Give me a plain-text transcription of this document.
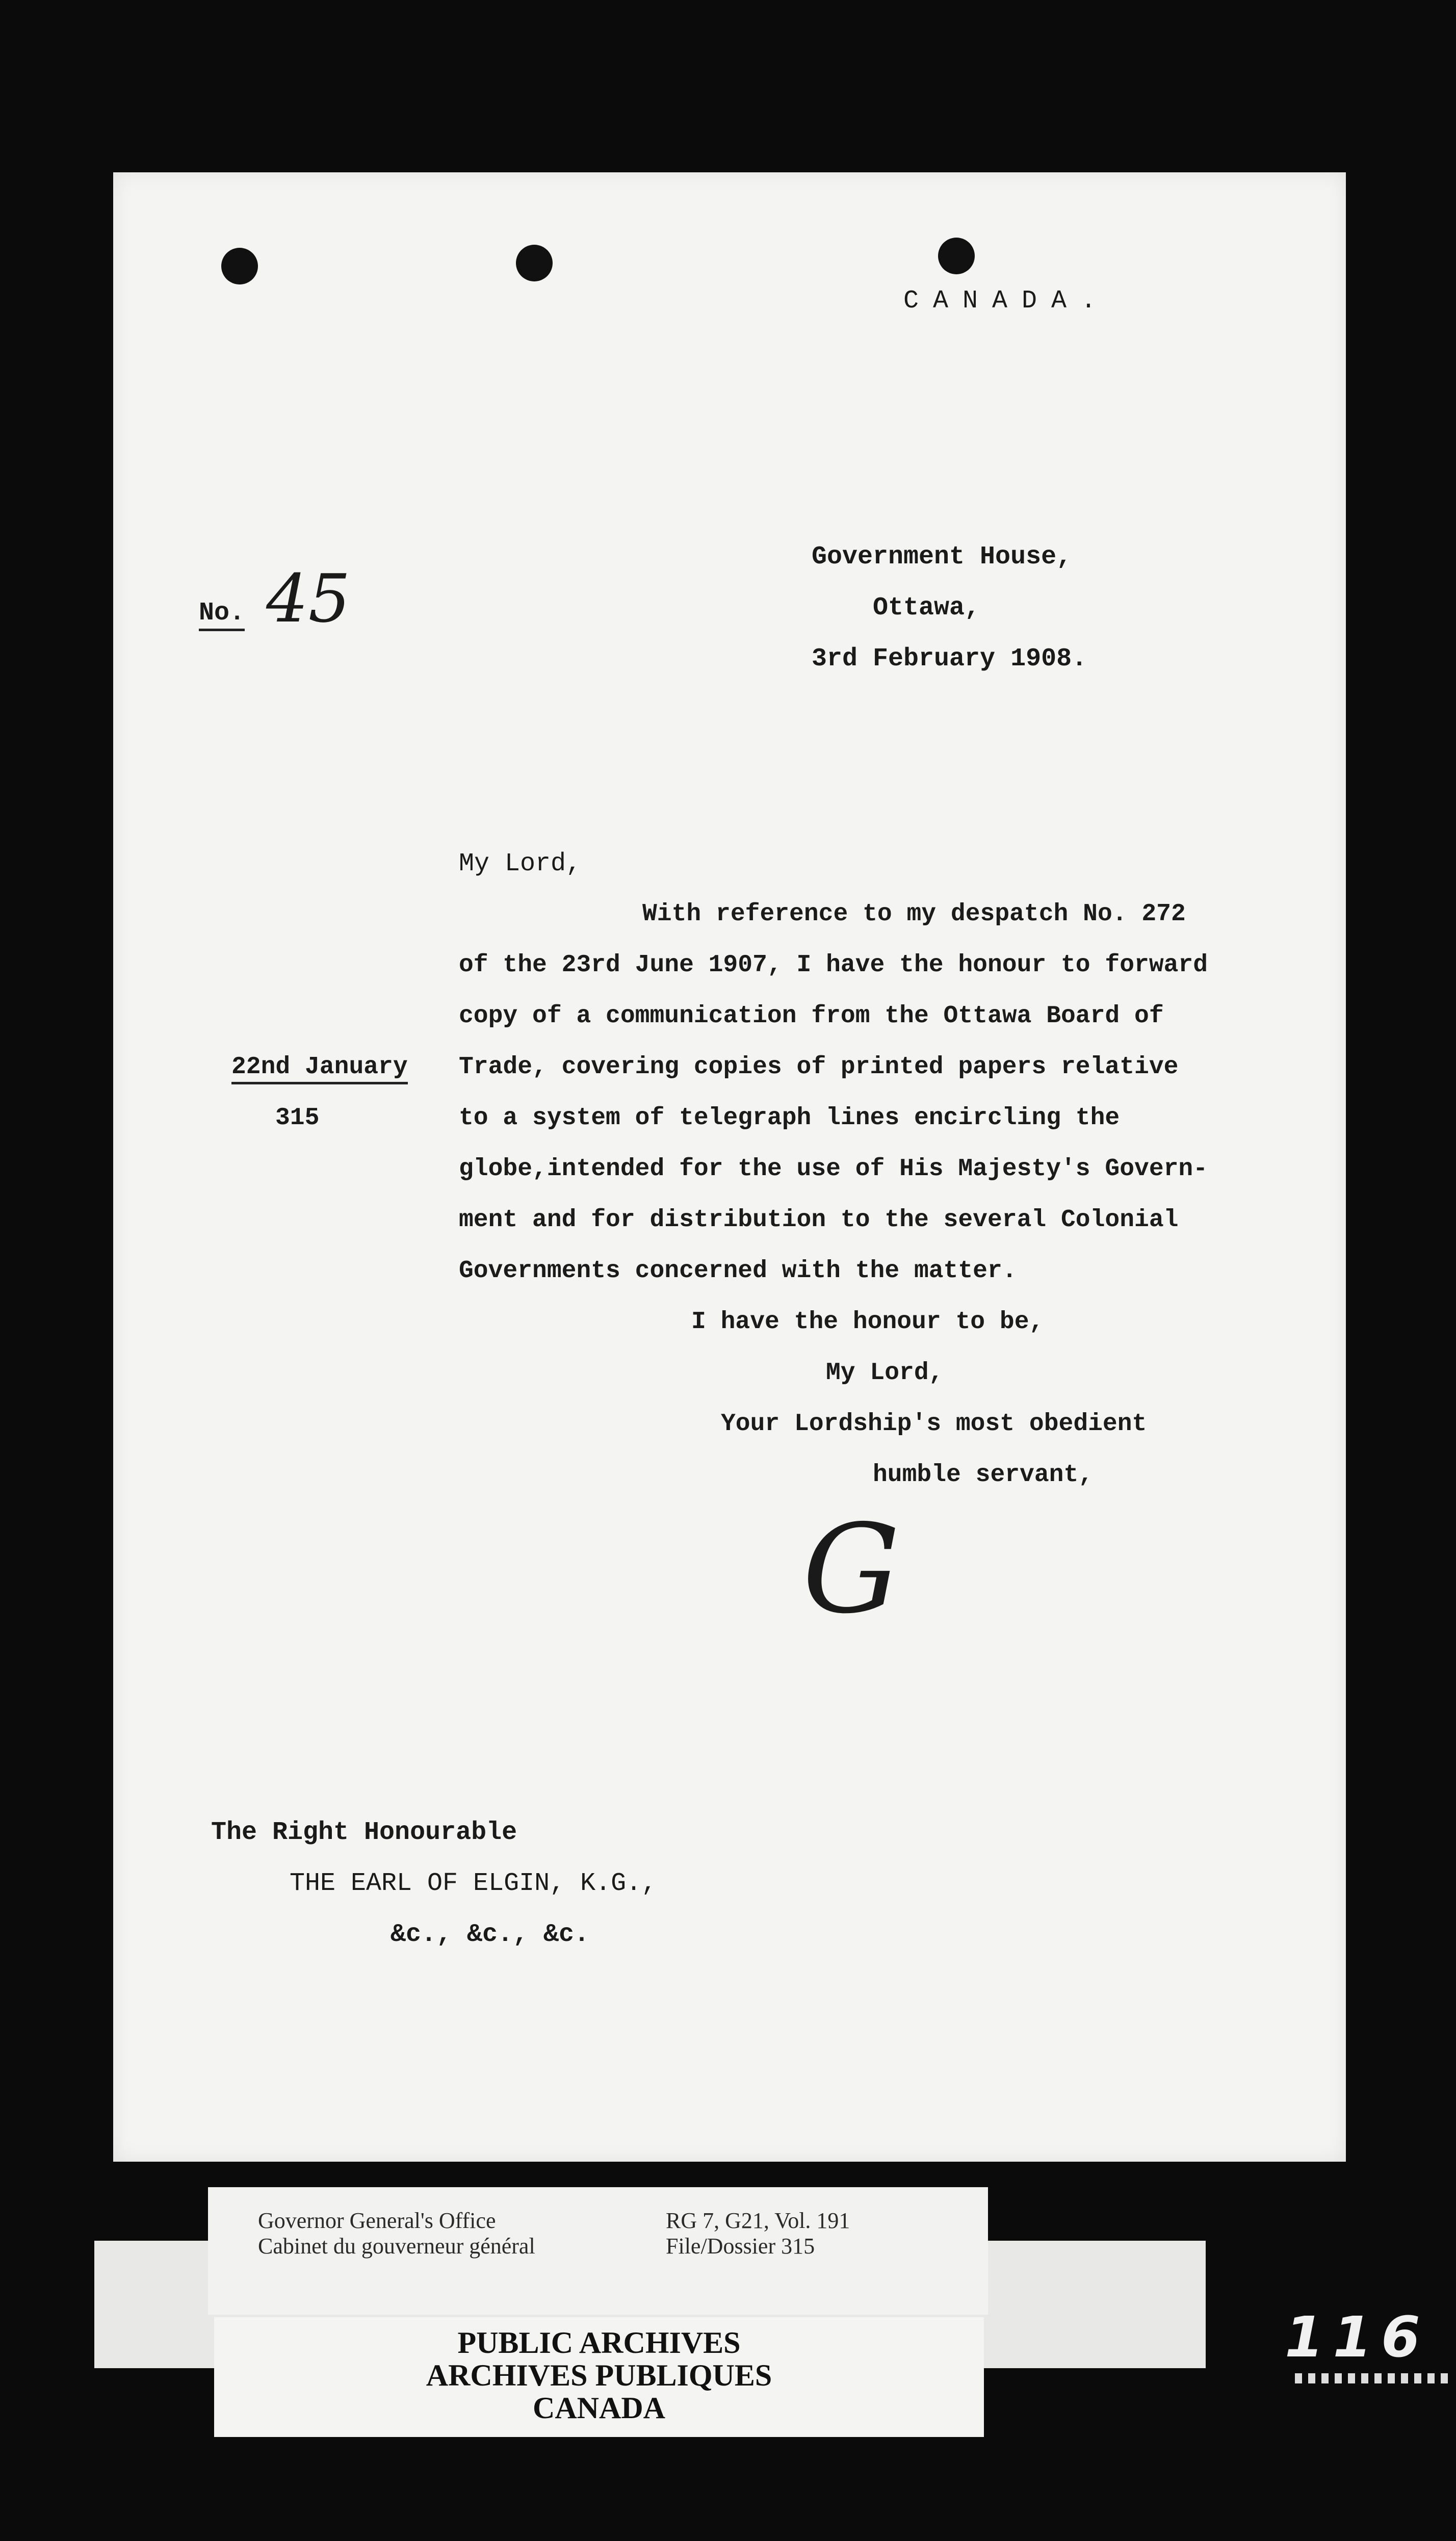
CANADA.
Government House,
Ottawa,
3rd February 1908.
No. 45
My Lord,
With reference to my despatch No. 272
of the 23rd June 1907, I have the honour to forward
copy of a communication from the Ottawa Board of
Trade, covering copies of printed papers relative
to a system of telegraph lines encircling the
globe,intended for the use of His Majesty's Govern-
ment and for distribution to the several Colonial
Governments concerned with the matter.
22nd January
315
I have the honour to be,
My Lord,
Your Lordship's most obedient
humble servant,
G
The Right Honourable
THE EARL OF ELGIN, K.G.,
&c., &c., &c.
Governor General's Office
Cabinet du gouverneur général
RG 7, G21, Vol. 191
File/Dossier 315
PUBLIC ARCHIVES
ARCHIVES PUBLIQUES
CANADA
116
